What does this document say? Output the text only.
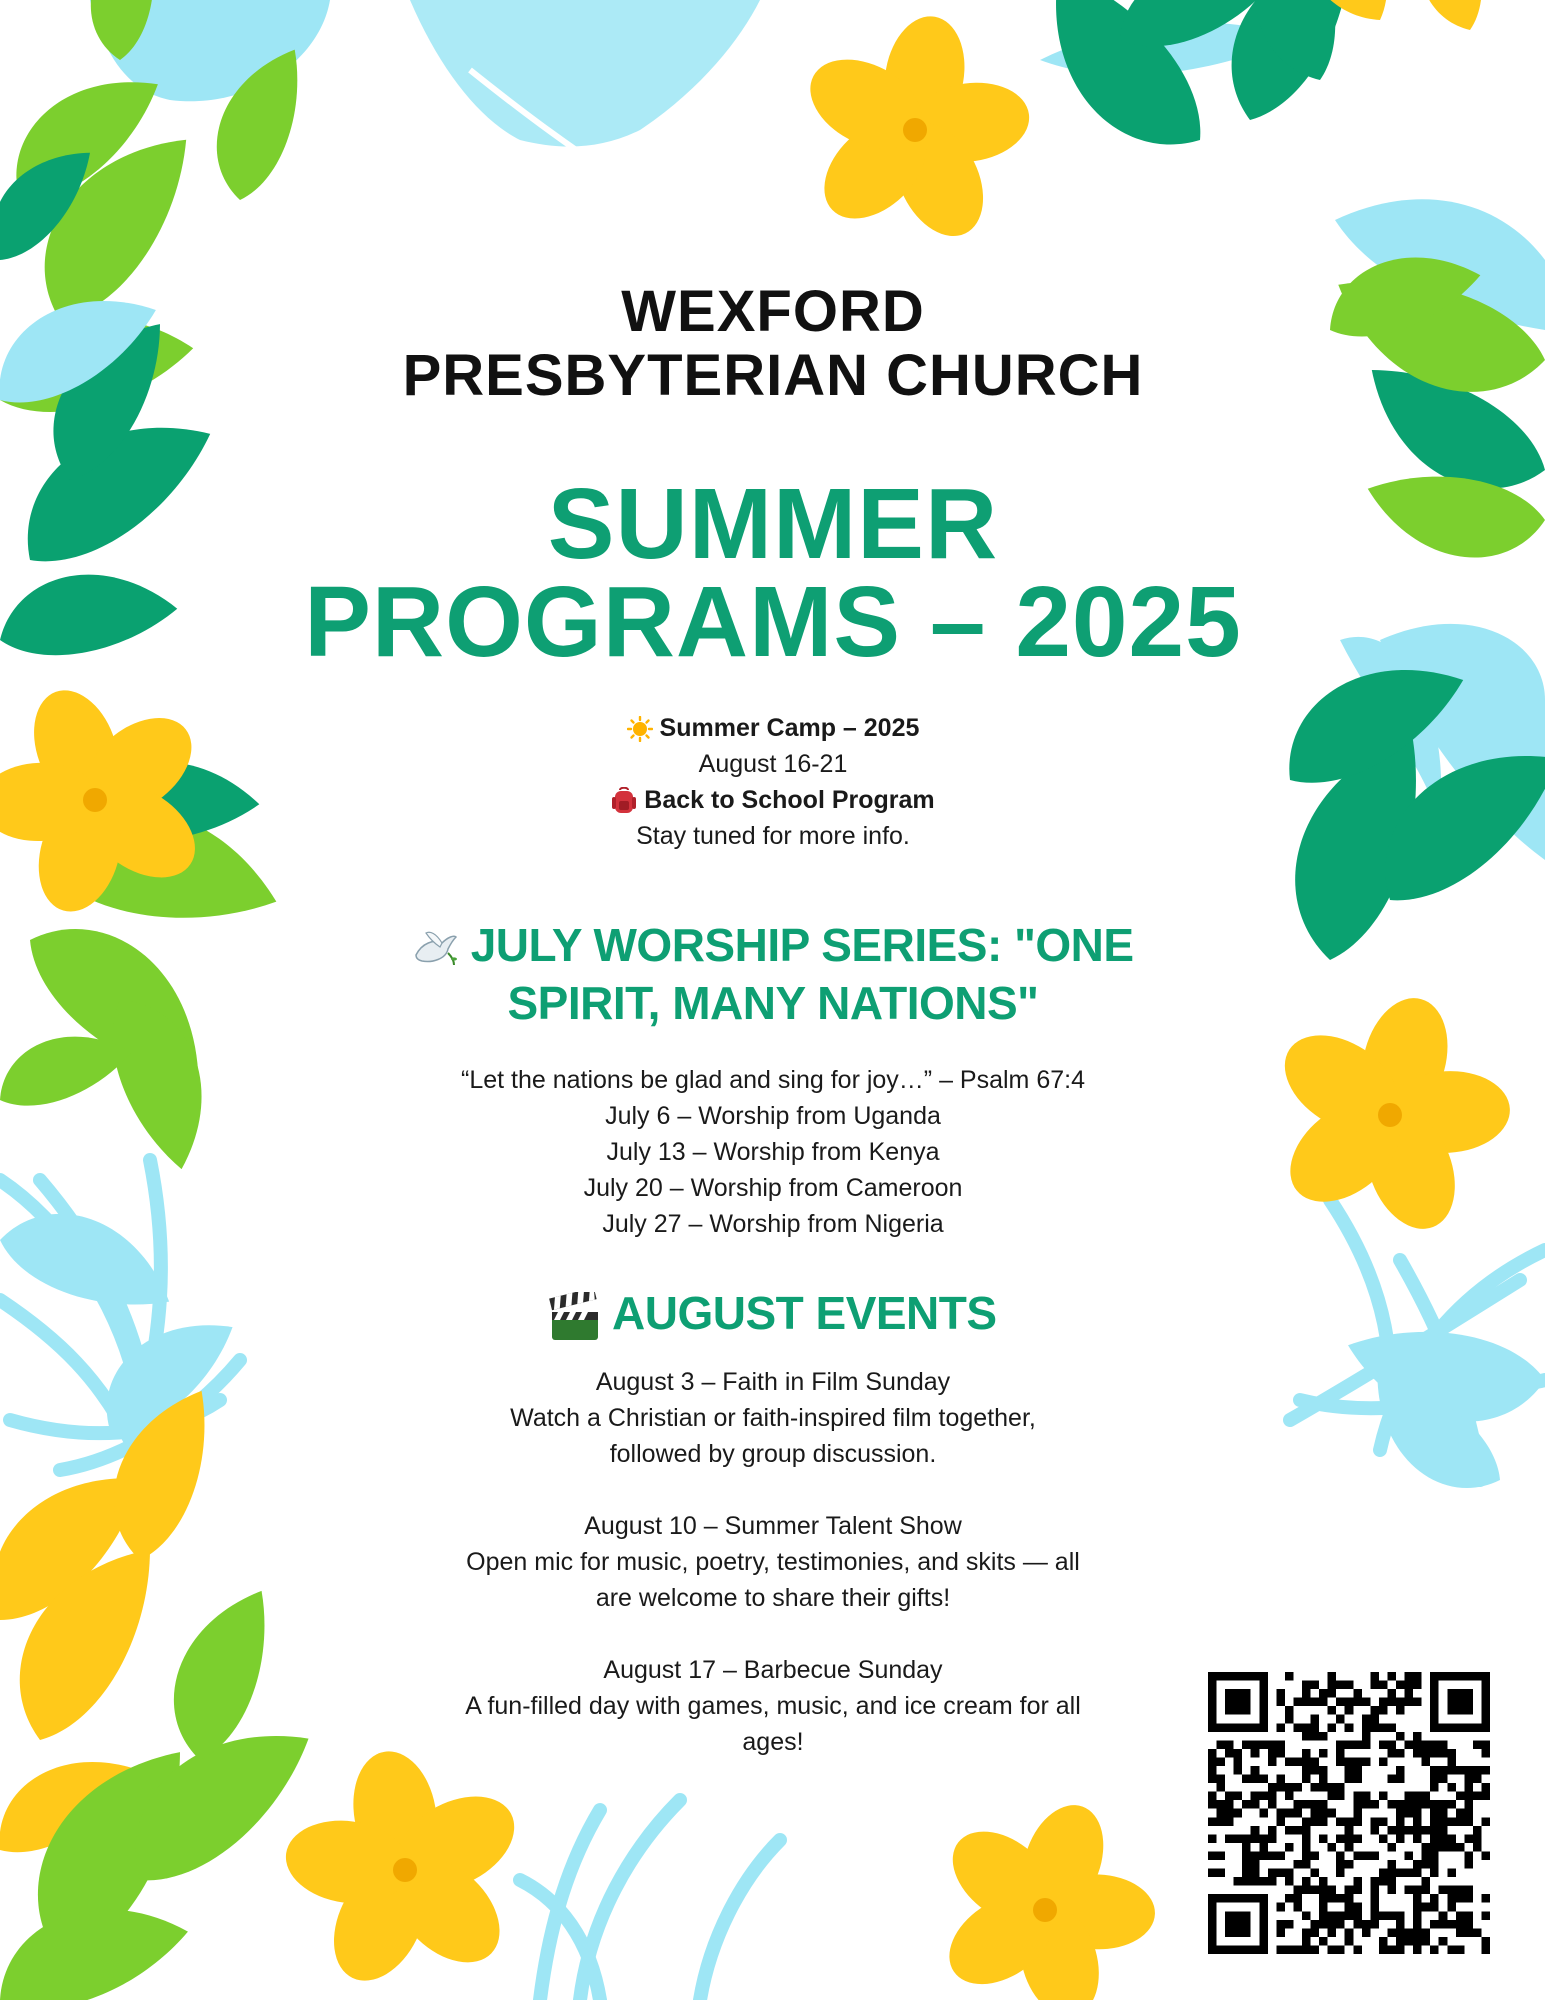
WEXFORD
PRESBYTERIAN CHURCH
SUMMER
PROGRAMS – 2025
Summer Camp – 2025
August 16-21
Back to School Program
Stay tuned for more info.
JULY WORSHIP SERIES: "ONE
SPIRIT, MANY NATIONS"
“Let the nations be glad and sing for joy…” – Psalm 67:4
July 6 – Worship from Uganda
July 13 – Worship from Kenya
July 20 – Worship from Cameroon
July 27 – Worship from Nigeria
AUGUST EVENTS
August 3 – Faith in Film Sunday
Watch a Christian or faith-inspired film together,
followed by group discussion.
August 10 – Summer Talent Show
Open mic for music, poetry, testimonies, and skits — all
are welcome to share their gifts!
August 17 – Barbecue Sunday
A fun-filled day with games, music, and ice cream for all
ages!
